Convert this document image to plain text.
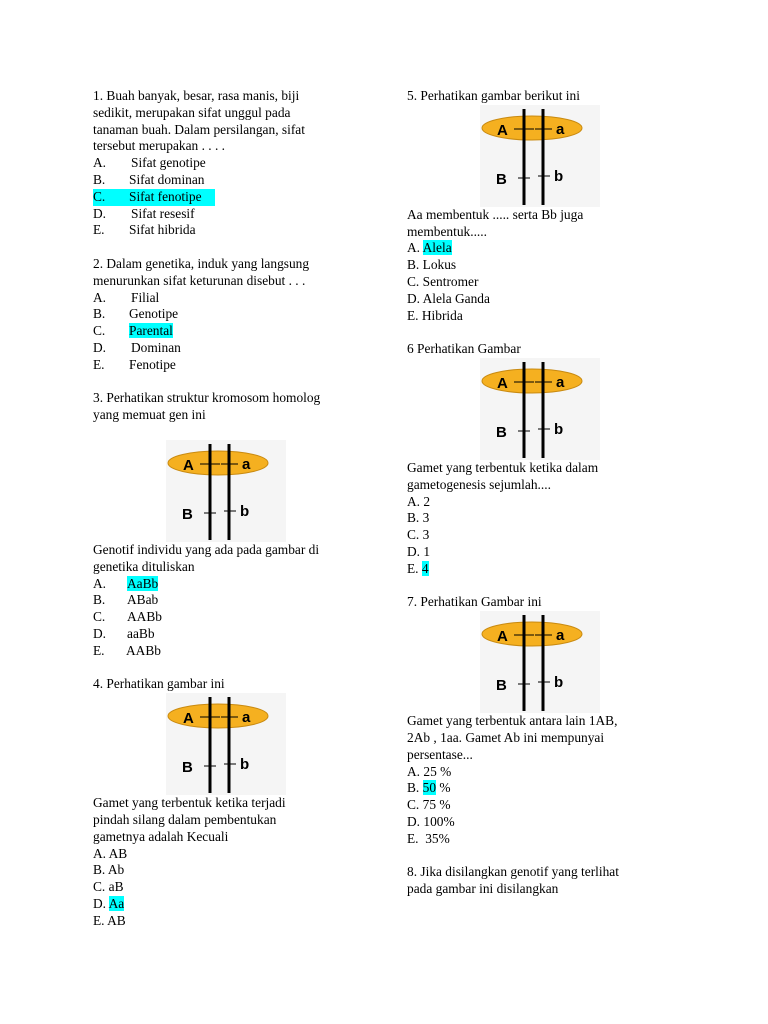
1. Buah banyak, besar, rasa manis, biji
sedikit, merupakan sifat unggul pada
tanaman buah. Dalam persilangan, sifat
tersebut merupakan . . . .
A. Sifat genotipe
B. Sifat dominan
C. Sifat fenotipe
D. Sifat resesif
E. Sifat hibrida
2. Dalam genetika, induk yang langsung
menurunkan sifat keturunan disebut . . .
A. Filial
B. Genotipe
C. Parental
D. Dominan
E. Fenotipe
3. Perhatikan struktur kromosom homolog
yang memuat gen ini
A	a
B	b
Genotif individu yang ada pada gambar di
genetika dituliskan
A. AaBb
B. ABab
C. AABb
D. aaBb
E. AABb
4. Perhatikan gambar ini
A	a
B	b
Gamet yang terbentuk ketika terjadi
pindah silang dalam pembentukan
gametnya adalah Kecuali
A. AB
B. Ab
C. aB
D. Aa
E. AB
5. Perhatikan gambar berikut ini
A	a
B	b
Aa membentuk ..... serta Bb juga
membentuk.....
A. Alela
B. Lokus
C. Sentromer
D. Alela Ganda
E. Hibrida
6 Perhatikan Gambar
A	a
B	b
Gamet yang terbentuk ketika dalam
gametogenesis sejumlah....
A. 2
B. 3
C. 3
D. 1
E. 4
7. Perhatikan Gambar ini
A	a
B	b
Gamet yang terbentuk antara lain 1AB,
2Ab , 1aa. Gamet Ab ini mempunyai
persentase...
A. 25 %
B. 50 %
C. 75 %
D. 100%
E.  35%
8. Jika disilangkan genotif yang terlihat
pada gambar ini disilangkan
